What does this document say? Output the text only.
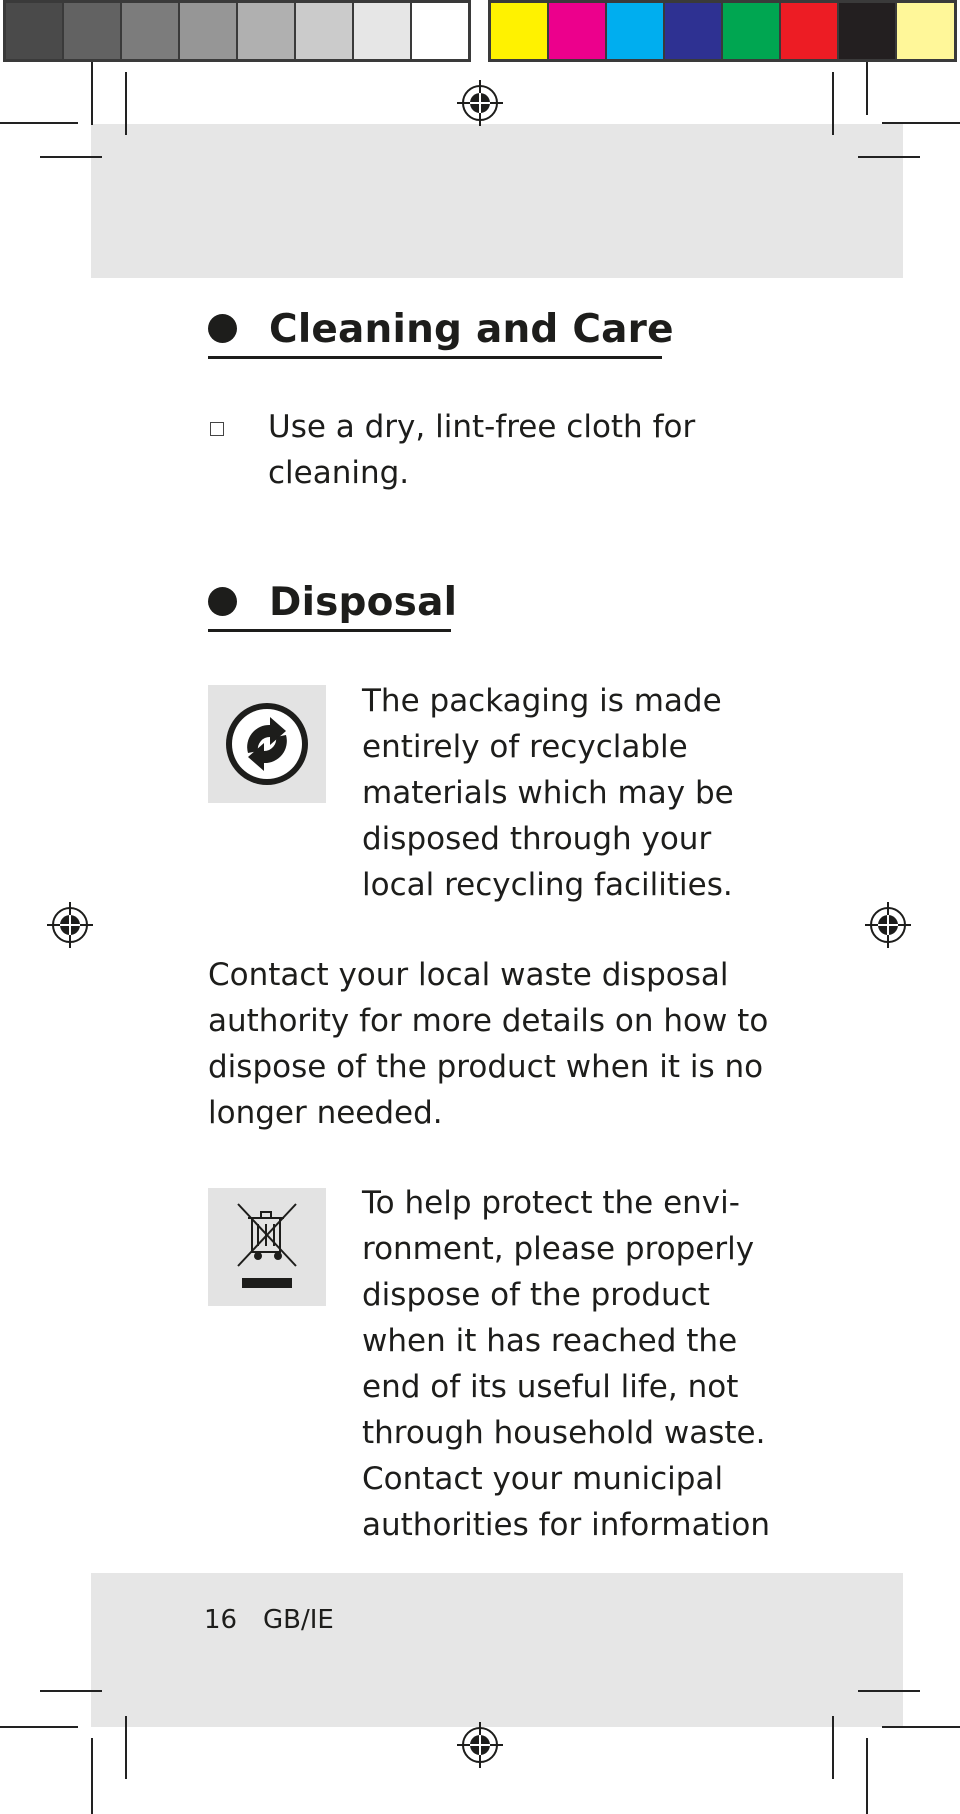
Cleaning and Care
Use a dry, lint-free cloth for
cleaning.
Disposal
The packaging is made
entirely of recyclable
materials which may be
disposed through your
local recycling facilities.
Contact your local waste disposal
authority for more details on how to
dispose of the product when it is no
longer needed.
To help protect the envi-
ronment, please properly
dispose of the product
when it has reached the
end of its useful life, not
through household waste.
Contact your municipal
authorities for information
16 GB/IE
